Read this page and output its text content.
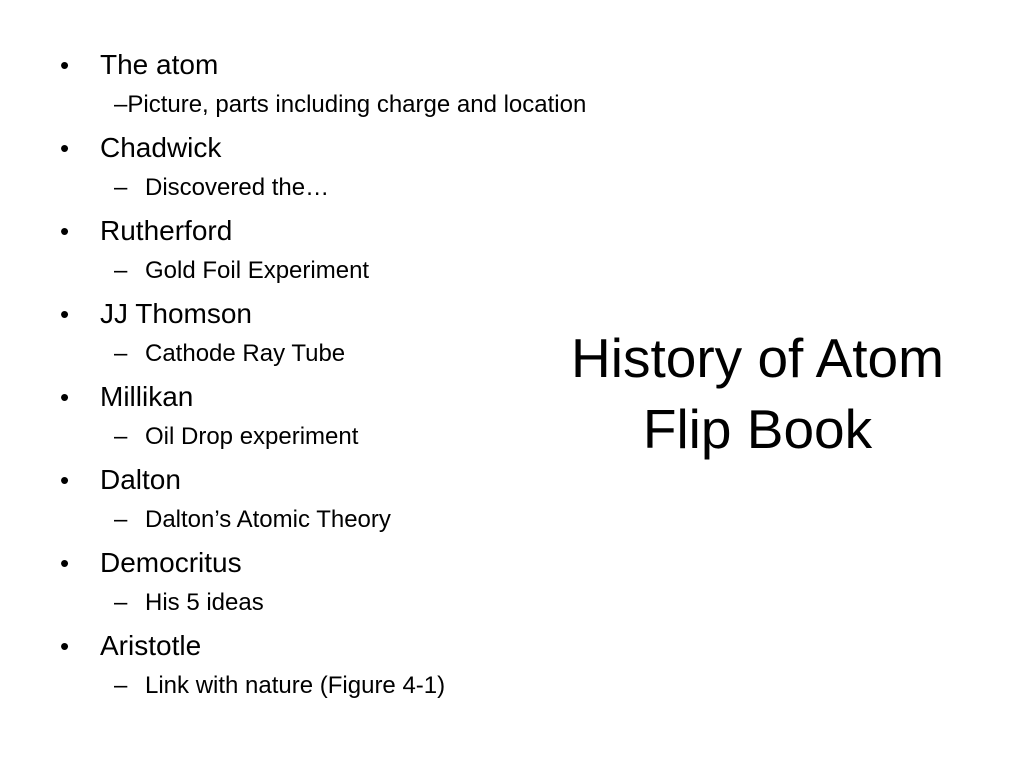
•	The atom
– Picture, parts including charge and location
•	Chadwick
– Discovered the…
•	Rutherford
– Gold Foil Experiment
•	JJ Thomson
– Cathode Ray Tube
•	Millikan
– Oil Drop experiment
•	Dalton
– Dalton’s Atomic Theory
•	Democritus
– His 5 ideas
•	Aristotle
– Link with nature (Figure 4-1)
History of Atom
Flip Book
